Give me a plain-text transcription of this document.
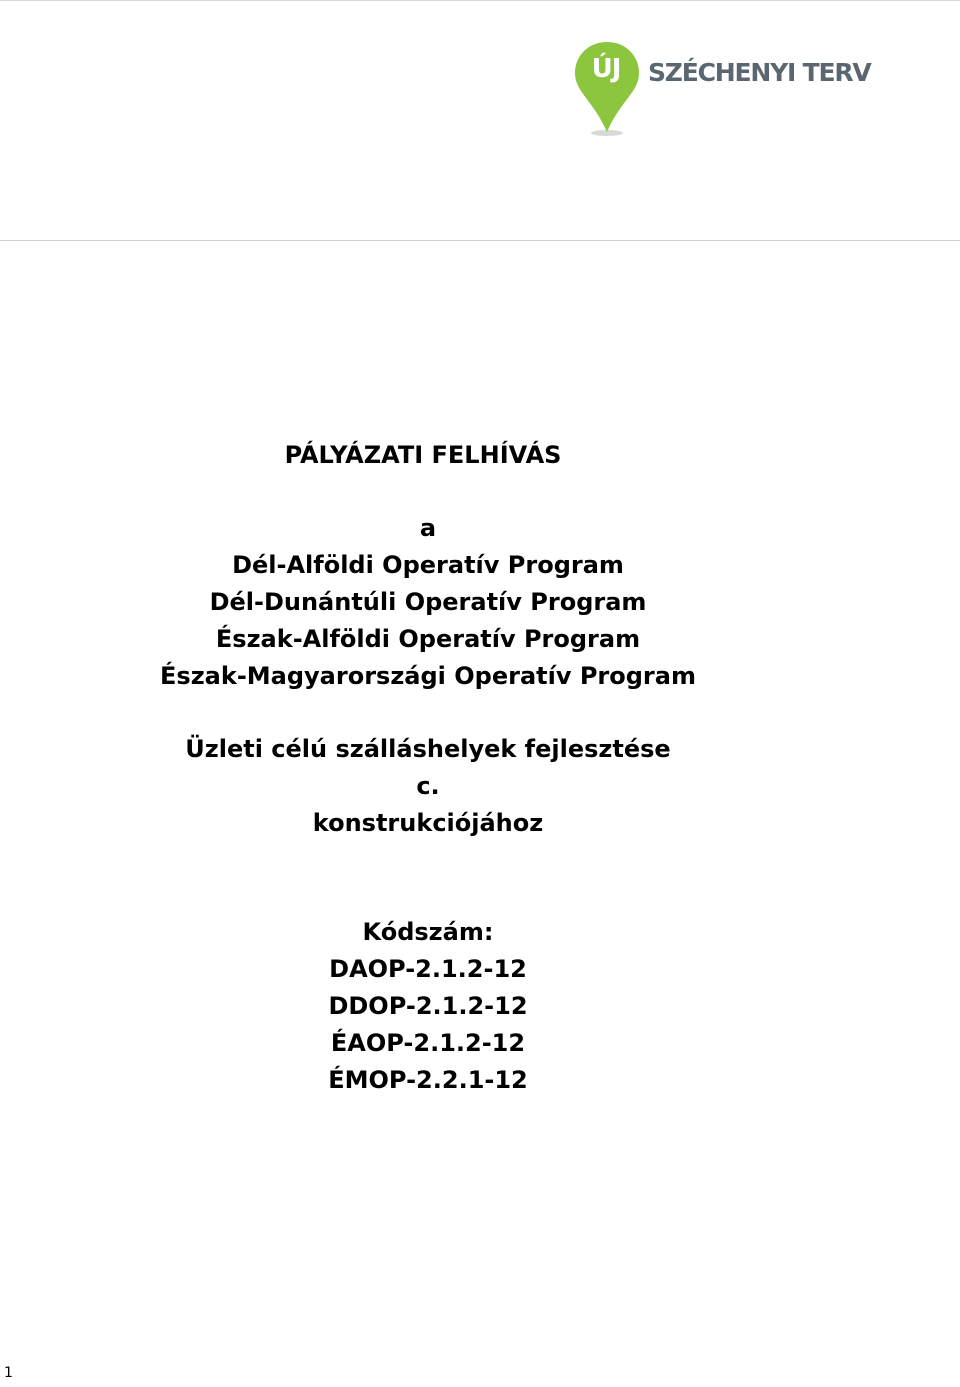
ÚJ	SZÉCHENYI TERV
PÁLYÁZATI FELHÍVÁS
a
Dél-Alföldi Operatív Program
Dél-Dunántúli Operatív Program
Észak-Alföldi Operatív Program
Észak-Magyarországi Operatív Program
Üzleti célú szálláshelyek fejlesztése
c.
konstrukciójához
Kódszám:
DAOP-2.1.2-12
DDOP-2.1.2-12
ÉAOP-2.1.2-12
ÉMOP-2.2.1-12
1
